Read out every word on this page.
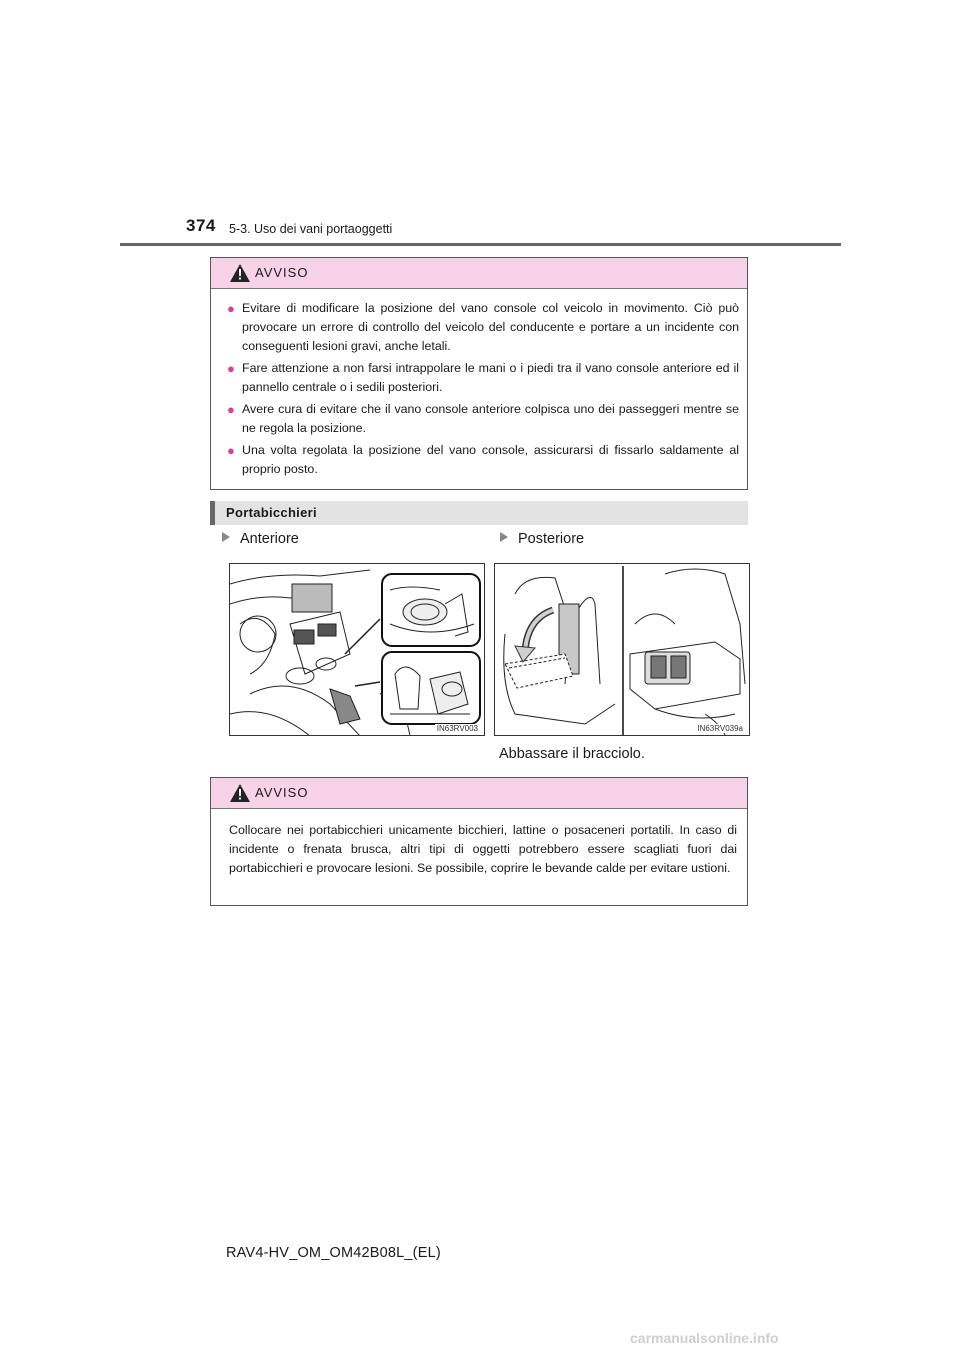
374 5-3. Uso dei vani portaoggetti
AVVISO
● Evitare di modificare la posizione del vano console col veicolo in movimento. Ciò può provocare un errore di controllo del veicolo del conducente e portare a un incidente con conseguenti lesioni gravi, anche letali.
● Fare attenzione a non farsi intrappolare le mani o i piedi tra il vano console anteriore ed il pannello centrale o i sedili posteriori.
● Avere cura di evitare che il vano console anteriore colpisca uno dei passeggeri mentre se ne regola la posizione.
● Una volta regolata la posizione del vano console, assicurarsi di fissarlo saldamente al proprio posto.
Portabicchieri
Anteriore	Posteriore
IN63RV003	IN63RV039a
Abbassare il bracciolo.
AVVISO

Collocare nei portabicchieri unicamente bicchieri, lattine o posaceneri portatili. In caso di incidente o frenata brusca, altri tipi di oggetti potrebbero essere scagliati fuori dai portabicchieri e provocare lesioni. Se possibile, coprire le bevande calde per evitare ustioni.

RAV4-HV_OM_OM42B08L_(EL)
carmanualsonline.info
